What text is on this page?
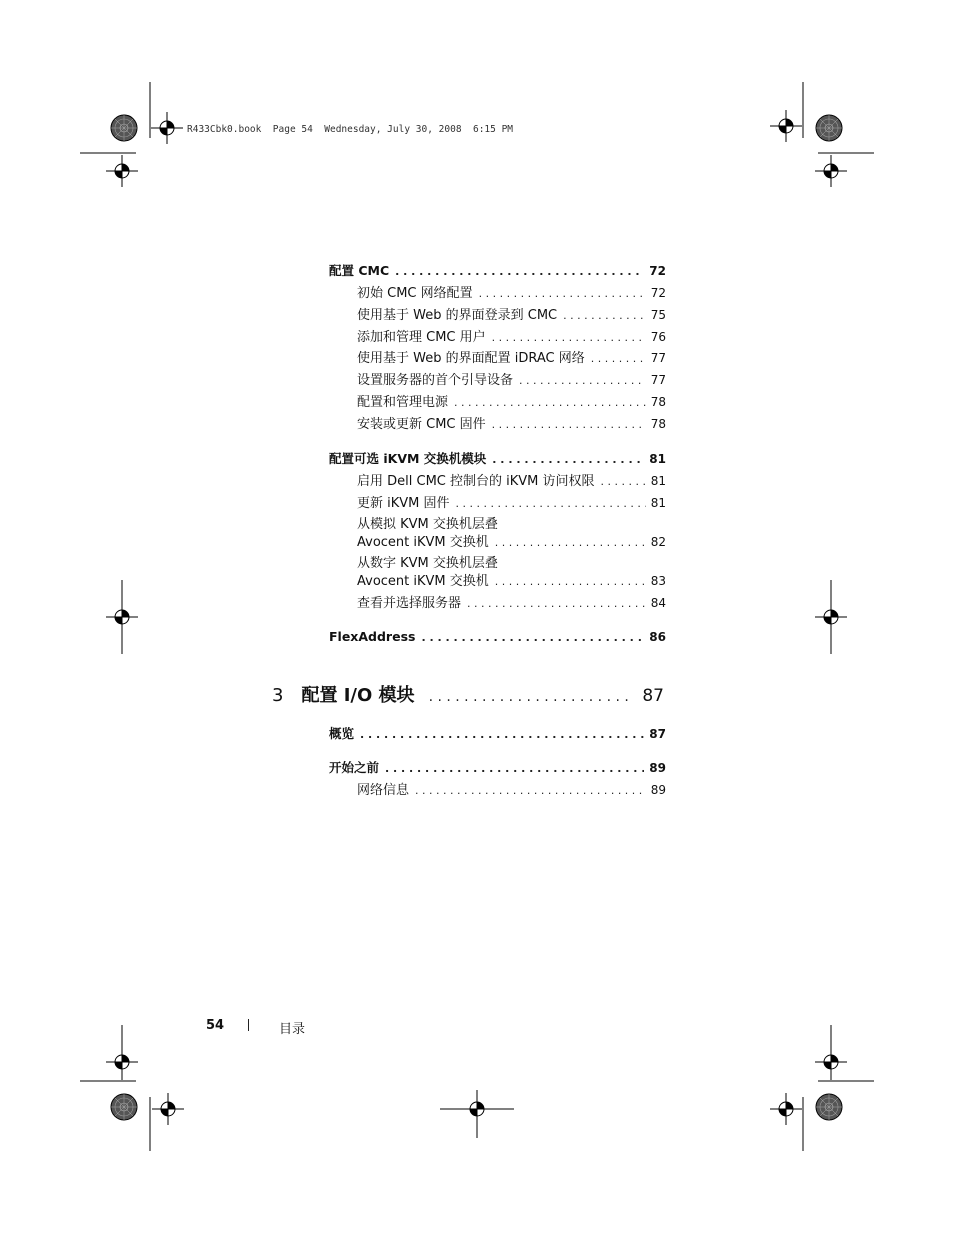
R433Cbk0.book  Page 54  Wednesday, July 30, 2008  6:15 PM
配置 CMC . . .	72
初始 CMC 网络配置 . . .	72
使用基于 Web 的界面登录到 CMC . . .	75
添加和管理 CMC 用户 . . .	76
使用基于 Web 的界面配置 iDRAC 网络 . . .	77
设置服务器的首个引导设备 . . .	77
配置和管理电源 . . .	78
安装或更新 CMC 固件 . . .	78
配置可选 iKVM 交换机模块 . . .	81
启用 Dell CMC 控制台的 iKVM 访问权限 . . .	81
更新 iKVM 固件 . . .	81
从模拟 KVM 交换机层叠
Avocent iKVM 交换机 . . .	82
从数字 KVM 交换机层叠
Avocent iKVM 交换机 . . .	83
查看并选择服务器 . . .	84
FlexAddress . . .	86
3 配置 I/O 模块 . . .	87
概览 . . .	87
开始之前 . . .	89
网络信息 . . .	89
54	目录
